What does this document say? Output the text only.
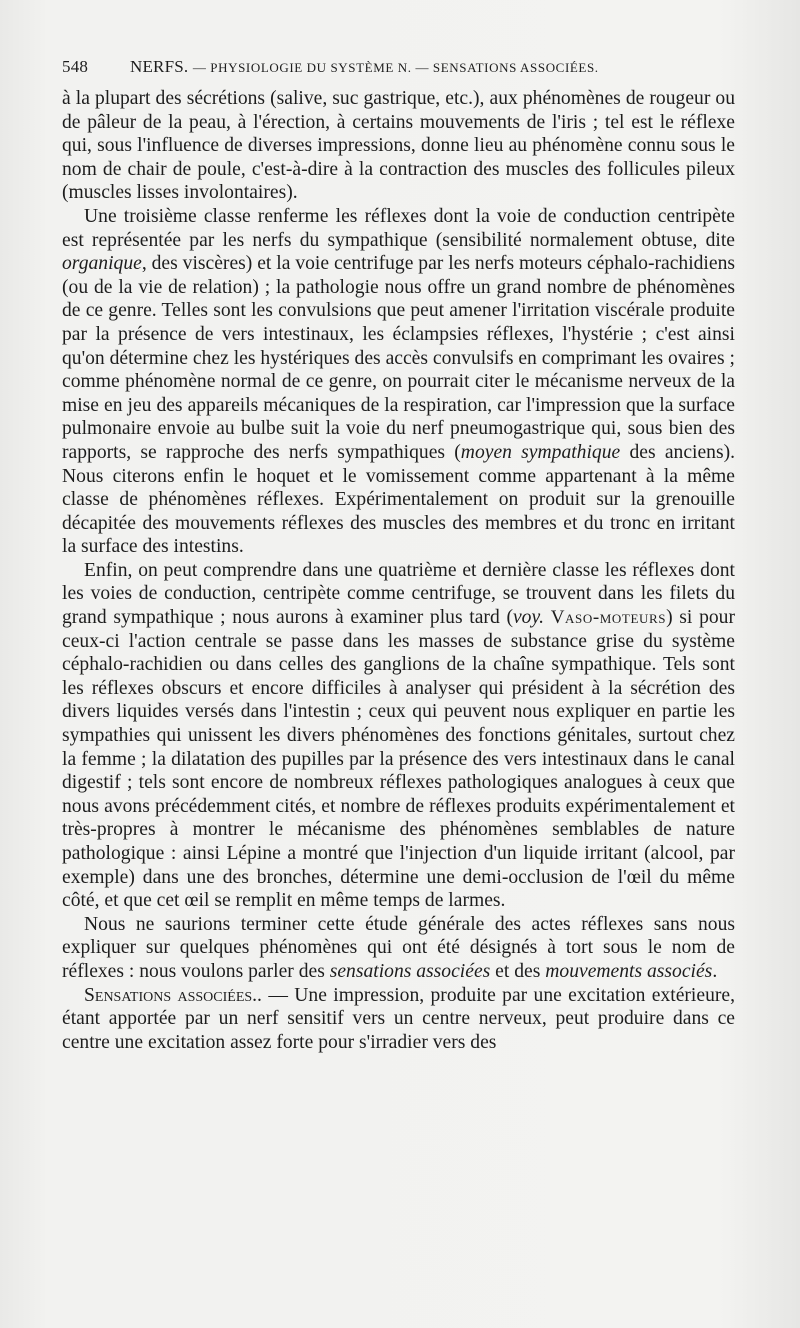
548 NERFS. — PHYSIOLOGIE DU SYSTÈME N. — SENSATIONS ASSOCIÉES.

à la plupart des sécrétions (salive, suc gastrique, etc.), aux phénomènes de rougeur ou de pâleur de la peau, à l'érection, à certains mouvements de l'iris ; tel est le réflexe qui, sous l'influence de diverses impressions, donne lieu au phénomène connu sous le nom de chair de poule, c'est-à-dire à la contraction des muscles des follicules pileux (muscles lisses involontaires).

Une troisième classe renferme les réflexes dont la voie de conduction centripète est représentée par les nerfs du sympathique (sensibilité normalement obtuse, dite organique, des viscères) et la voie centrifuge par les nerfs moteurs céphalo-rachidiens (ou de la vie de relation) ; la pathologie nous offre un grand nombre de phénomènes de ce genre. Telles sont les convulsions que peut amener l'irritation viscérale produite par la présence de vers intestinaux, les éclampsies réflexes, l'hystérie ; c'est ainsi qu'on détermine chez les hystériques des accès convulsifs en comprimant les ovaires ; comme phénomène normal de ce genre, on pourrait citer le mécanisme nerveux de la mise en jeu des appareils mécaniques de la respiration, car l'impression que la surface pulmonaire envoie au bulbe suit la voie du nerf pneumogastrique qui, sous bien des rapports, se rapproche des nerfs sympathiques (moyen sympathique des anciens). Nous citerons enfin le hoquet et le vomissement comme appartenant à la même classe de phénomènes réflexes. Expérimentalement on produit sur la grenouille décapitée des mouvements réflexes des muscles des membres et du tronc en irritant la surface des intestins.

Enfin, on peut comprendre dans une quatrième et dernière classe les réflexes dont les voies de conduction, centripète comme centrifuge, se trouvent dans les filets du grand sympathique ; nous aurons à examiner plus tard (voy. Vaso-moteurs) si pour ceux-ci l'action centrale se passe dans les masses de substance grise du système céphalo-rachidien ou dans celles des ganglions de la chaîne sympathique. Tels sont les réflexes obscurs et encore difficiles à analyser qui président à la sécrétion des divers liquides versés dans l'intestin ; ceux qui peuvent nous expliquer en partie les sympathies qui unissent les divers phénomènes des fonctions génitales, surtout chez la femme ; la dilatation des pupilles par la présence des vers intestinaux dans le canal digestif ; tels sont encore de nombreux réflexes pathologiques analogues à ceux que nous avons précédemment cités, et nombre de réflexes produits expérimentalement et très-propres à montrer le mécanisme des phénomènes semblables de nature pathologique : ainsi Lépine a montré que l'injection d'un liquide irritant (alcool, par exemple) dans une des bronches, détermine une demi-occlusion de l'œil du même côté, et que cet œil se remplit en même temps de larmes.

Nous ne saurions terminer cette étude générale des actes réflexes sans nous expliquer sur quelques phénomènes qui ont été désignés à tort sous le nom de réflexes : nous voulons parler des sensations associées et des mouvements associés.

Sensations associées.. — Une impression, produite par une excitation extérieure, étant apportée par un nerf sensitif vers un centre nerveux, peut produire dans ce centre une excitation assez forte pour s'irradier vers des
